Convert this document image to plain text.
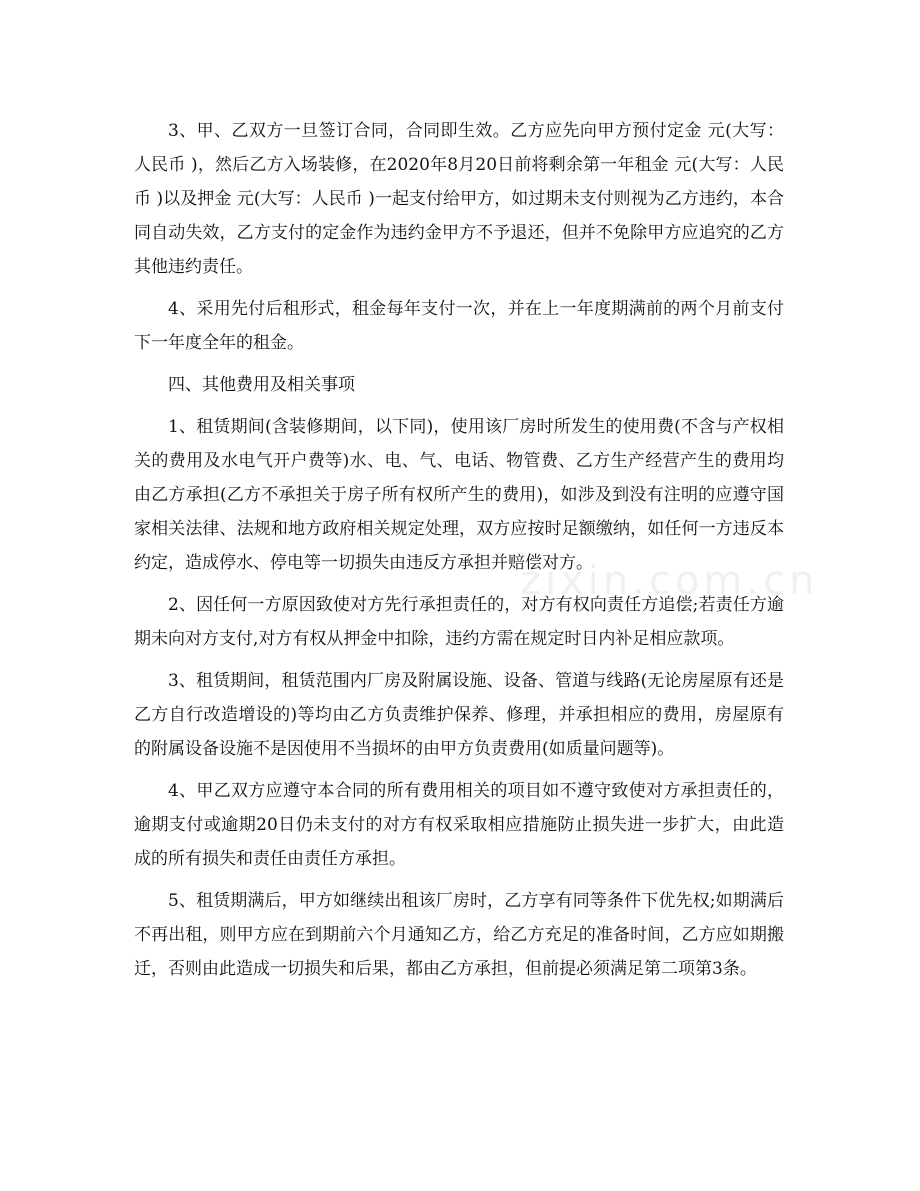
3、甲、乙双方一旦签订合同，合同即生效。乙方应先向甲方预付定金 元(大写：人民币 )，然后乙方入场装修，在2020年8月20日前将剩余第一年租金 元(大写：人民币 )以及押金 元(大写：人民币 )一起支付给甲方，如过期未支付则视为乙方违约，本合同自动失效，乙方支付的定金作为违约金甲方不予退还，但并不免除甲方应追究的乙方其他违约责任。

4、采用先付后租形式，租金每年支付一次，并在上一年度期满前的两个月前支付下一年度全年的租金。

四、其他费用及相关事项

1、租赁期间(含装修期间，以下同)，使用该厂房时所发生的使用费(不含与产权相关的费用及水电气开户费等)水、电、气、电话、物管费、乙方生产经营产生的费用均由乙方承担(乙方不承担关于房子所有权所产生的费用)，如涉及到没有注明的应遵守国家相关法律、法规和地方政府相关规定处理，双方应按时足额缴纳，如任何一方违反本约定，造成停水、停电等一切损失由违反方承担并赔偿对方。

2、因任何一方原因致使对方先行承担责任的，对方有权向责任方追偿;若责任方逾期未向对方支付,对方有权从押金中扣除，违约方需在规定时日内补足相应款项。

3、租赁期间，租赁范围内厂房及附属设施、设备、管道与线路(无论房屋原有还是乙方自行改造增设的)等均由乙方负责维护保养、修理，并承担相应的费用，房屋原有的附属设备设施不是因使用不当损坏的由甲方负责费用(如质量问题等)。

4、甲乙双方应遵守本合同的所有费用相关的项目如不遵守致使对方承担责任的，逾期支付或逾期20日仍未支付的对方有权采取相应措施防止损失进一步扩大，由此造成的所有损失和责任由责任方承担。

5、租赁期满后，甲方如继续出租该厂房时，乙方享有同等条件下优先权;如期满后不再出租，则甲方应在到期前六个月通知乙方，给乙方充足的准备时间，乙方应如期搬迁，否则由此造成一切损失和后果，都由乙方承担，但前提必须满足第二项第3条。

zixin.com.cn
